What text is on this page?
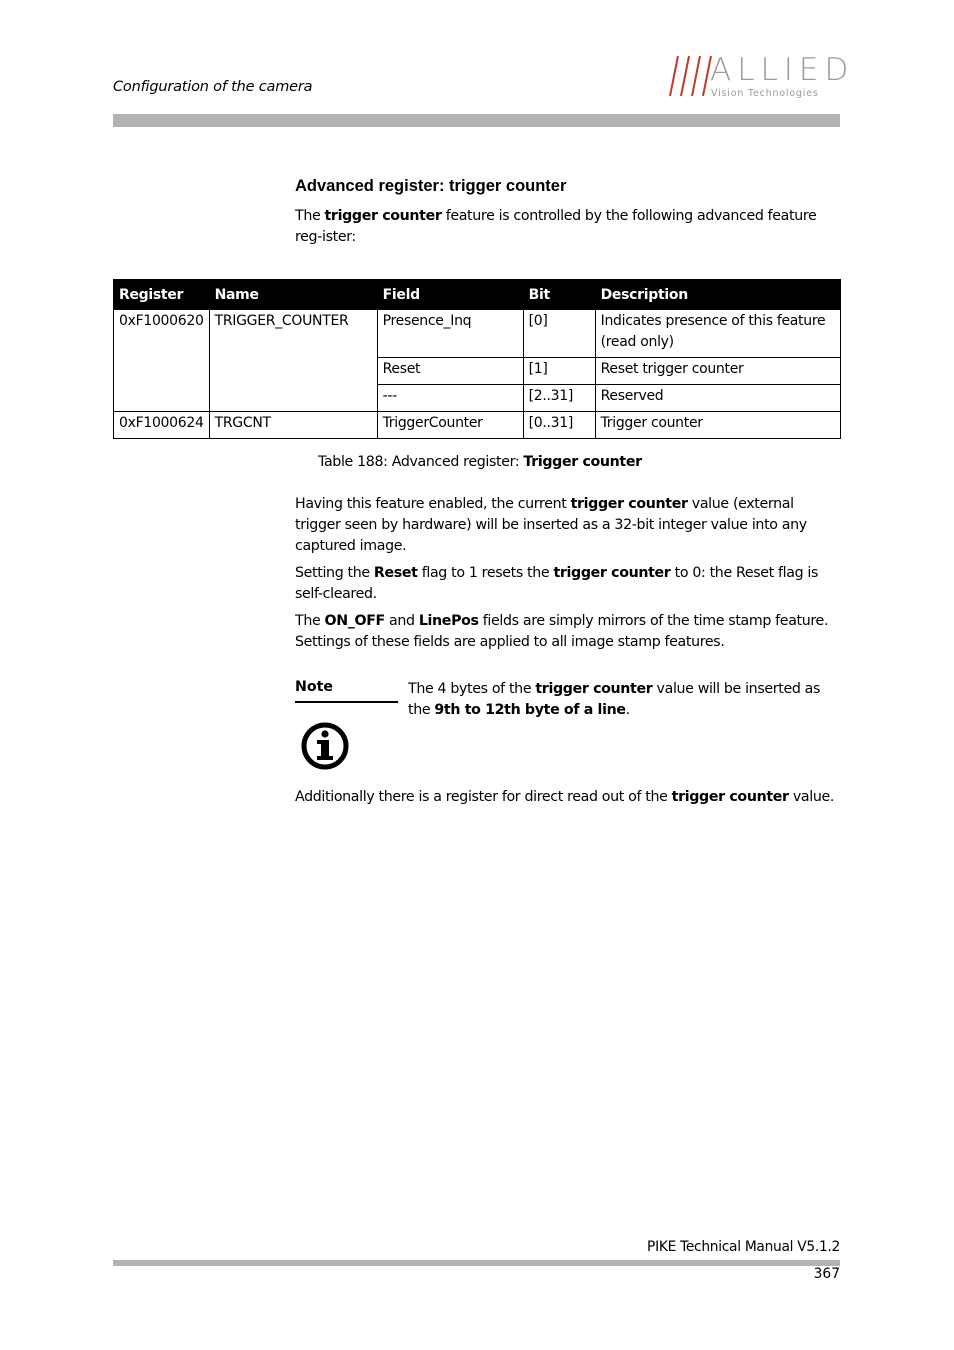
Configuration of the camera	ALLIED
Vision Technologies
Advanced register: trigger counter
The trigger counter feature is controlled by the following advanced feature reg-ister:
Register	Name	Field	Bit	Description
0xF1000620	TRIGGER_COUNTER	Presence_Inq	[0]	Indicates presence of this feature (read only)
		Reset	[1]	Reset trigger counter
		---	[2..31]	Reserved
0xF1000624	TRGCNT	TriggerCounter	[0..31]	Trigger counter
Table 188: Advanced register: Trigger counter
Having this feature enabled, the current trigger counter value (external trigger seen by hardware) will be inserted as a 32-bit integer value into any captured image.
Setting the Reset flag to 1 resets the trigger counter to 0: the Reset flag is self-cleared.
The ON_OFF and LinePos fields are simply mirrors of the time stamp feature. Settings of these fields are applied to all image stamp features.
Note	The 4 bytes of the trigger counter value will be inserted as the 9th to 12th byte of a line.
Additionally there is a register for direct read out of the trigger counter value.
PIKE Technical Manual V5.1.2
367
